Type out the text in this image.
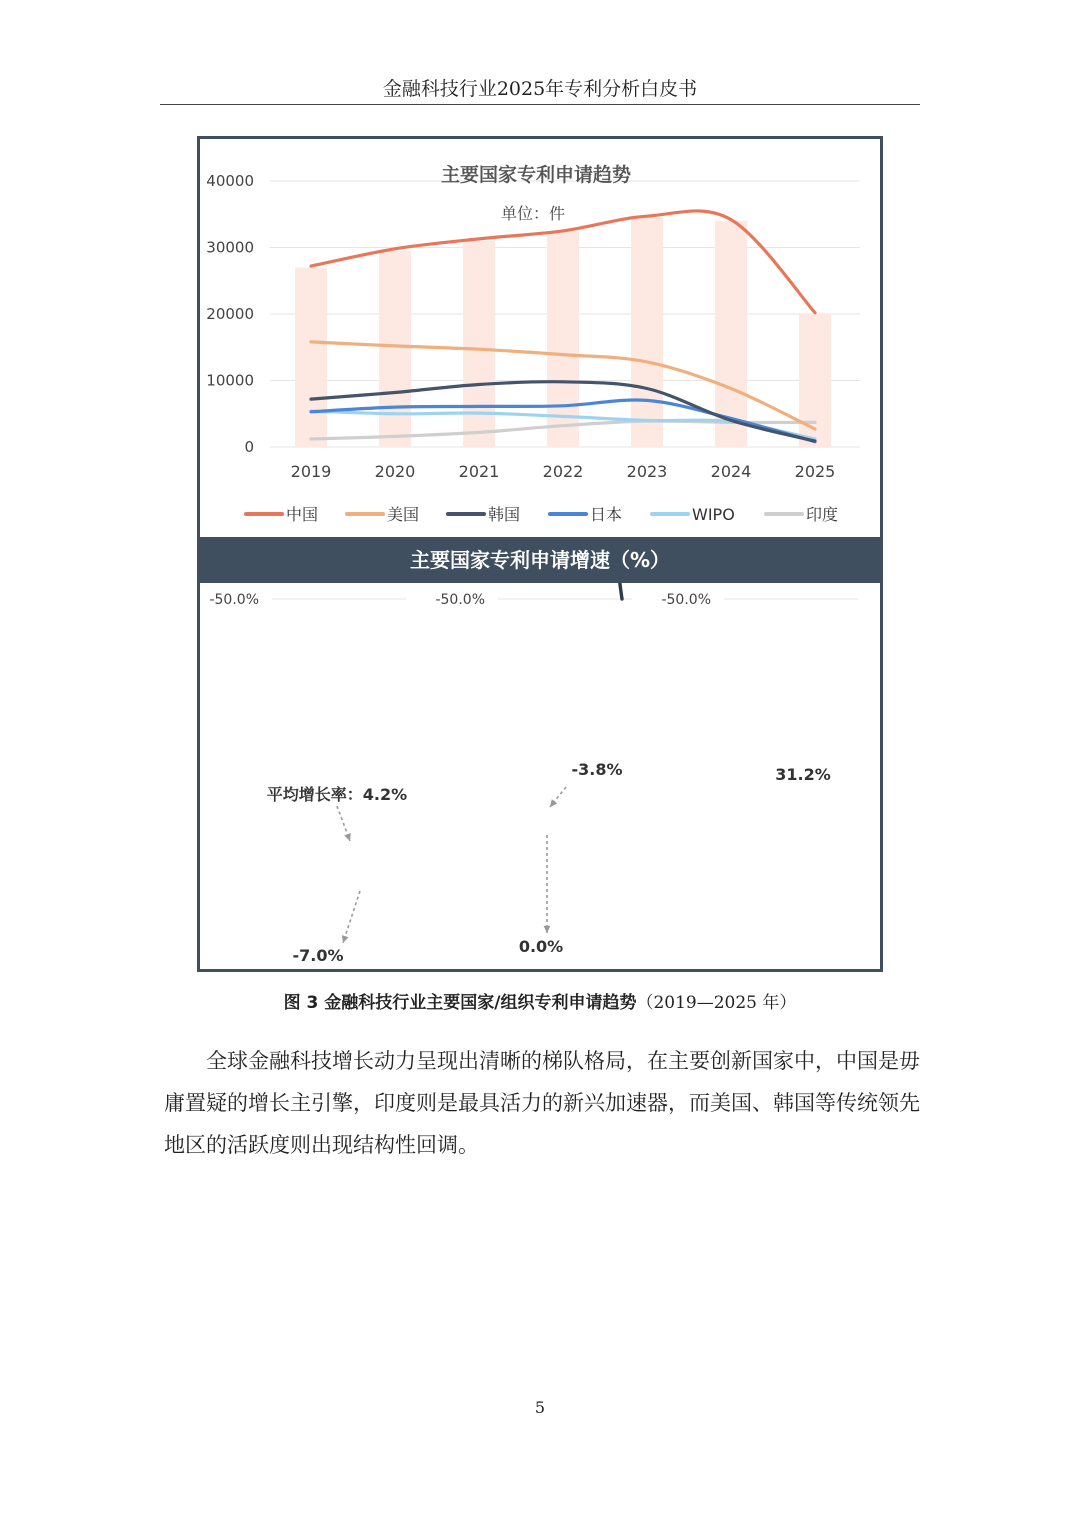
金融科技行业2025年专利分析白皮书
0
10000
20000
30000
40000
2019	2020	2021	2022	2023	2024	2025
主要国家专利申请趋势
单位：件
中国	美国	韩国	日本	WIPO	印度
主要国家专利申请增速（%）
-50.0%	-50.0%	-50.0%
平均增长率：4.2%
-7.0%
-3.8%
0.0%
31.2%
图 3 金融科技行业主要国家/组织专利申请趋势（2019—2025 年）
全球金融科技增长动力呈现出清晰的梯队格局，在主要创新国家中，中国是毋庸置疑的增长主引擎，印度则是最具活力的新兴加速器，而美国、韩国等传统领先地区的活跃度则出现结构性回调。
5
